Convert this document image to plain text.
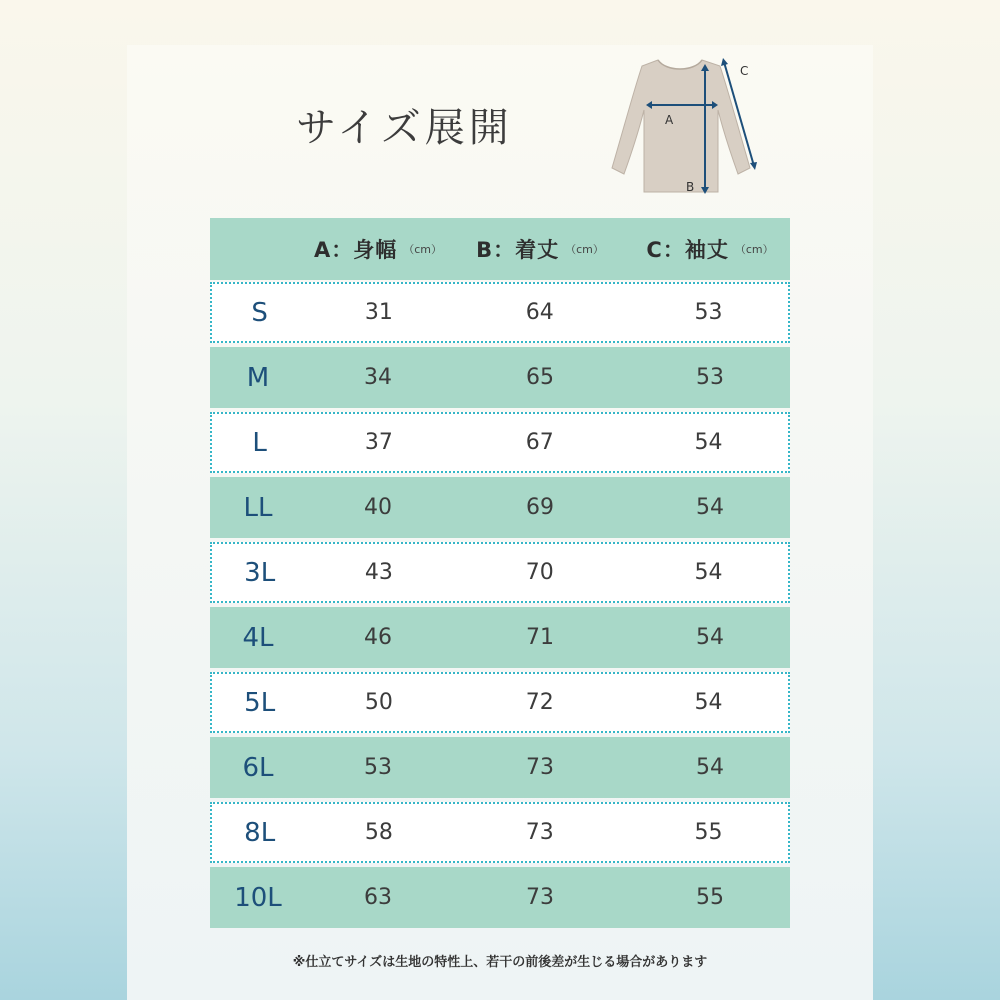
サイズ展開	A
B
C
A：身幅 （cm） B：着丈 （cm） C：袖丈 （cm）
S	31	64	53
M	34	65	53
L	37	67	54
LL	40	69	54
3L	43	70	54
4L	46	71	54
5L	50	72	54
6L	53	73	54
8L	58	73	55
10L	63	73	55
※仕立てサイズは生地の特性上、若干の前後差が生じる場合があります
